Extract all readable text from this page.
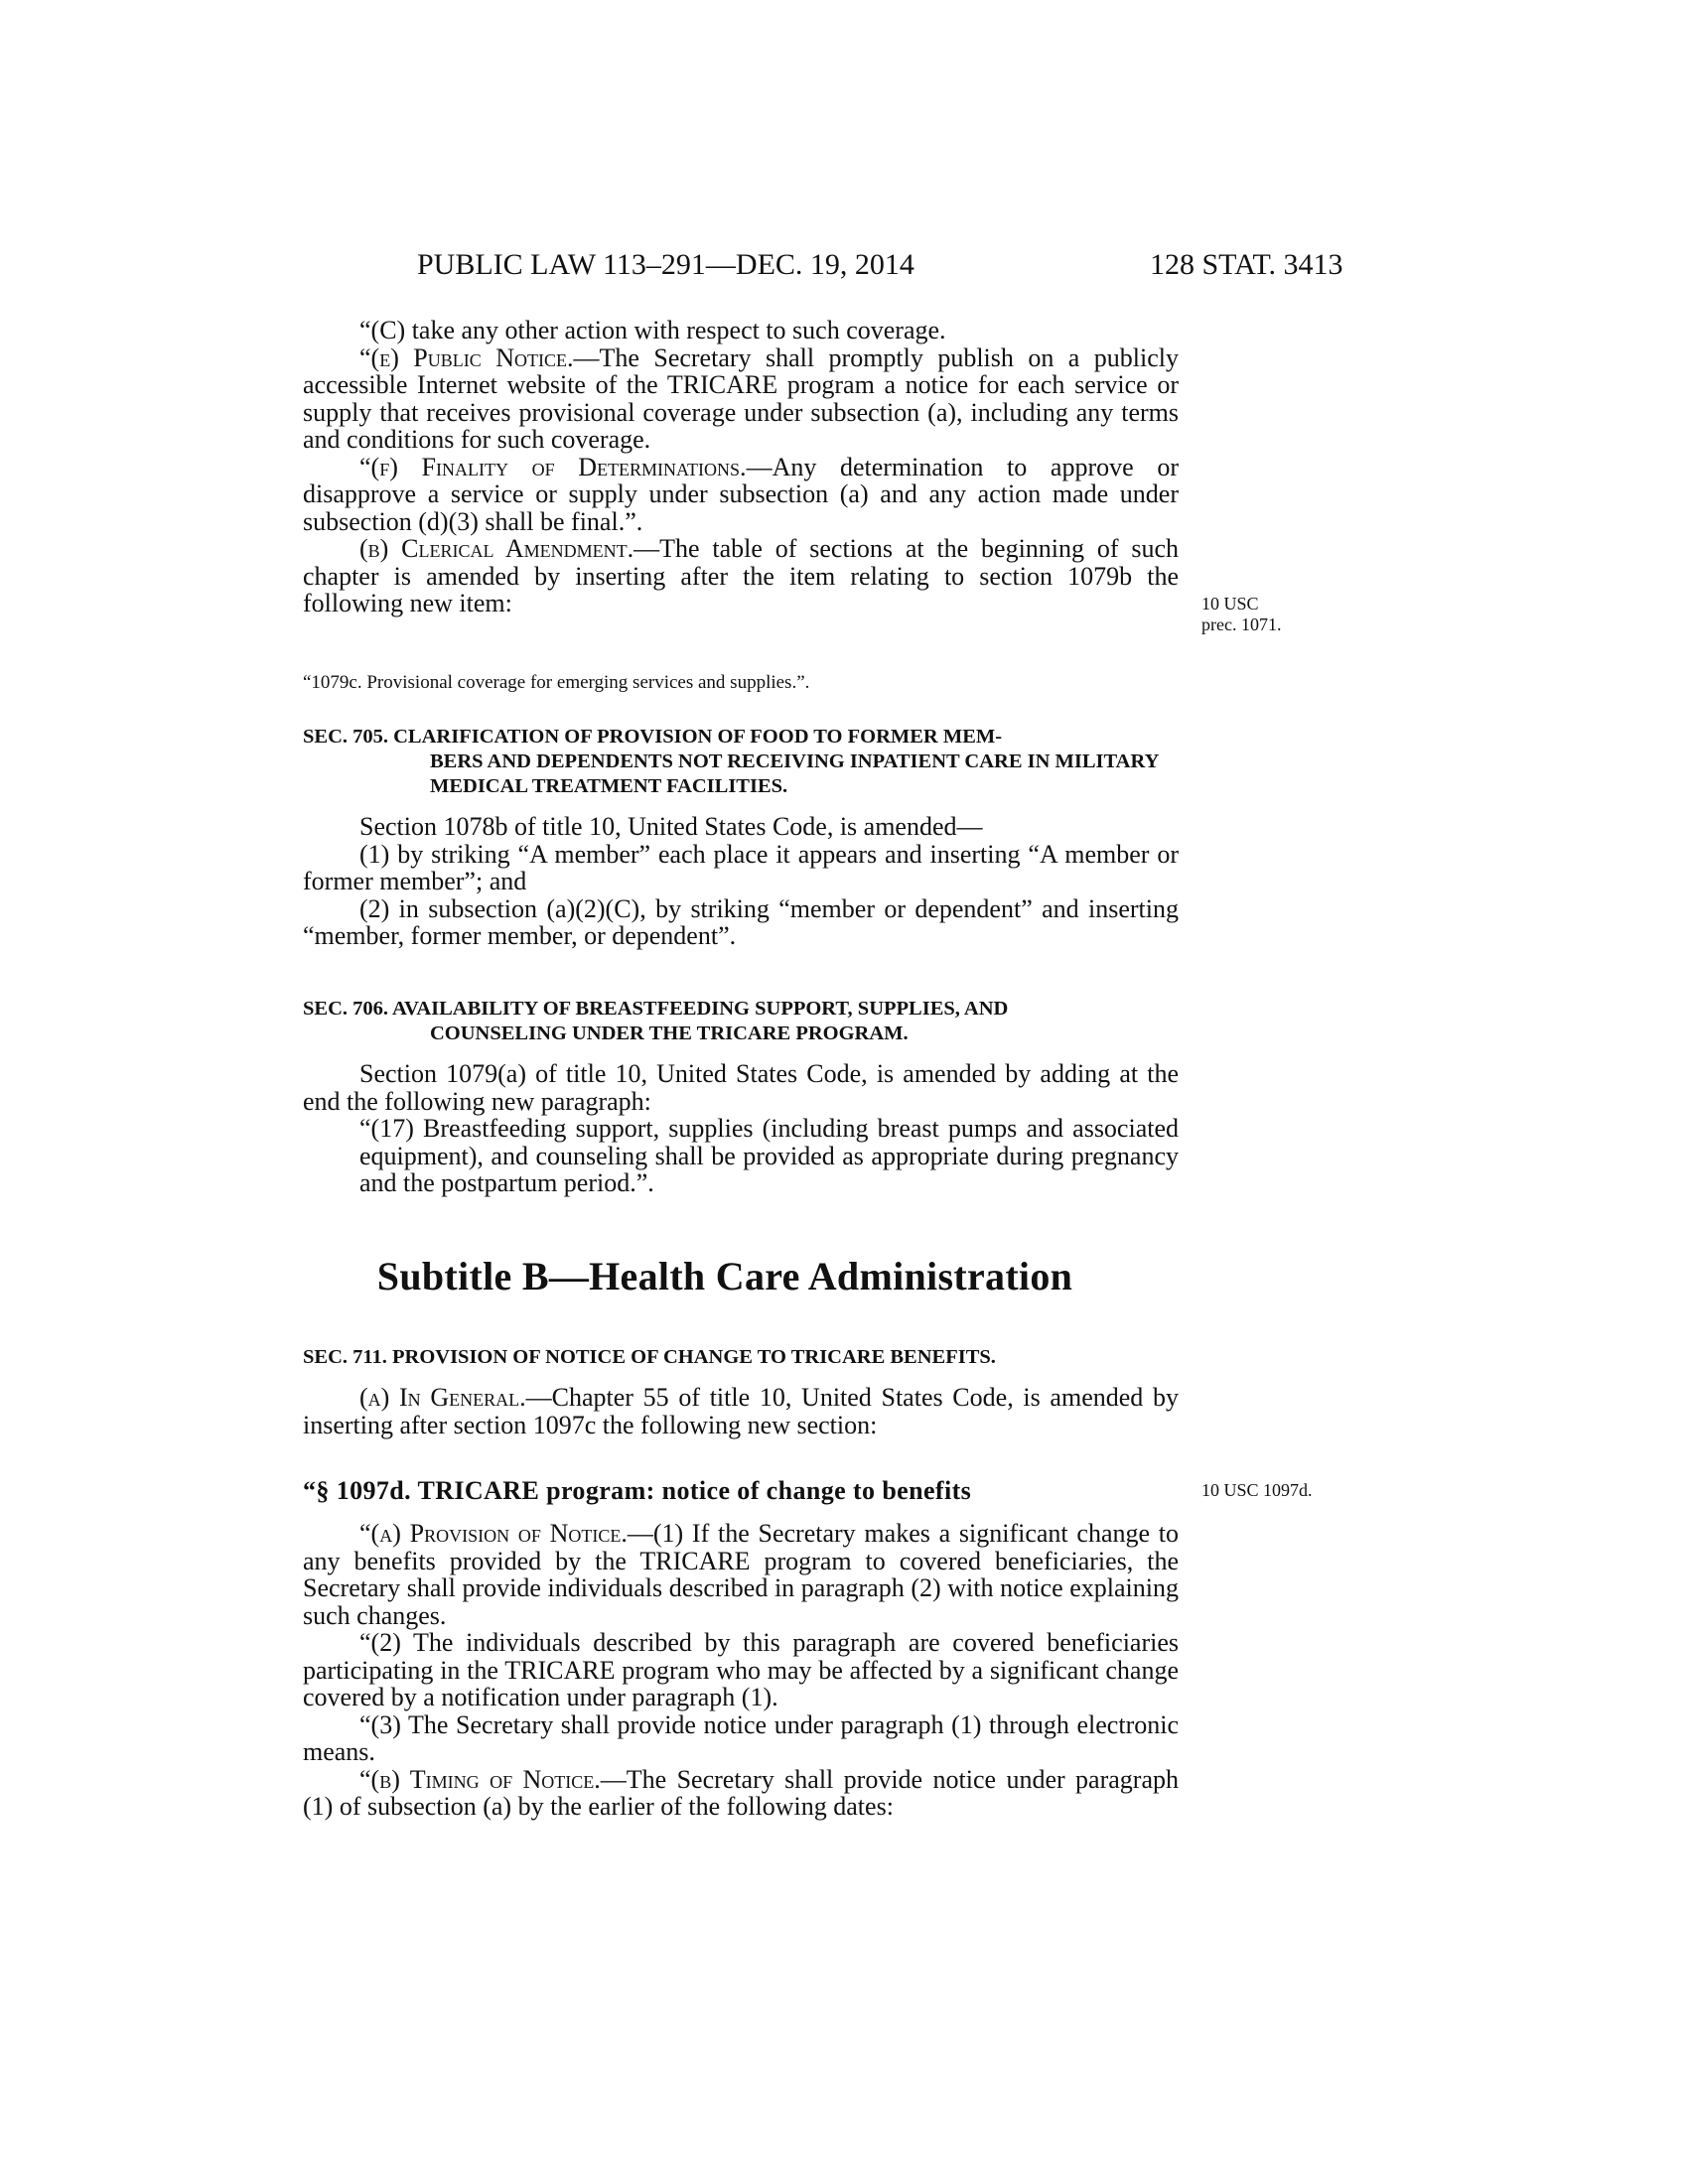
PUBLIC LAW 113–291—DEC. 19, 2014	128 STAT. 3413

“(C) take any other action with respect to such coverage.

“(e) Public Notice.—The Secretary shall promptly publish on a publicly accessible Internet website of the TRICARE program a notice for each service or supply that receives provisional coverage under subsection (a), including any terms and conditions for such coverage.

“(f) Finality of Determinations.—Any determination to approve or disapprove a service or supply under subsection (a) and any action made under subsection (d)(3) shall be final.”.

(b) Clerical Amendment.—The table of sections at the beginning of such chapter is amended by inserting after the item relating to section 1079b the following new item:	10 USC
prec. 1071.

“1079c. Provisional coverage for emerging services and supplies.”.

SEC. 705. CLARIFICATION OF PROVISION OF FOOD TO FORMER MEM-
BERS AND DEPENDENTS NOT RECEIVING INPATIENT CARE IN MILITARY MEDICAL TREATMENT FACILITIES.

Section 1078b of title 10, United States Code, is amended—

(1) by striking “A member” each place it appears and inserting “A member or former member”; and

(2) in subsection (a)(2)(C), by striking “member or dependent” and inserting “member, former member, or dependent”.

SEC. 706. AVAILABILITY OF BREASTFEEDING SUPPORT, SUPPLIES, AND
COUNSELING UNDER THE TRICARE PROGRAM.

Section 1079(a) of title 10, United States Code, is amended by adding at the end the following new paragraph:

“(17) Breastfeeding support, supplies (including breast pumps and associated equipment), and counseling shall be provided as appropriate during pregnancy and the postpartum period.”.

Subtitle B—Health Care Administration

SEC. 711. PROVISION OF NOTICE OF CHANGE TO TRICARE BENEFITS.

(a) In General.—Chapter 55 of title 10, United States Code, is amended by inserting after section 1097c the following new section:

“§ 1097d. TRICARE program: notice of change to benefits

“(a) Provision of Notice.—(1) If the Secretary makes a significant change to any benefits provided by the TRICARE program to covered beneficiaries, the Secretary shall provide individuals described in paragraph (2) with notice explaining such changes.

“(2) The individuals described by this paragraph are covered beneficiaries participating in the TRICARE program who may be affected by a significant change covered by a notification under paragraph (1).

“(3) The Secretary shall provide notice under paragraph (1) through electronic means.

“(b) Timing of Notice.—The Secretary shall provide notice under paragraph (1) of subsection (a) by the earlier of the following dates:

10 USC 1097d.
